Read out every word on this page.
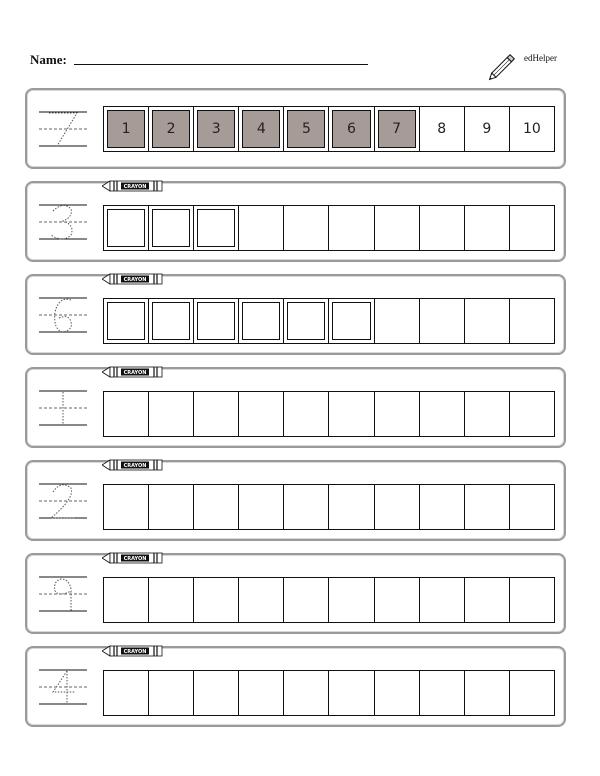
Name:	edHelper
1	2	3	4	5	6	7	8	9 10
CRAYON
CRAYON
CRAYON
CRAYON
CRAYON
CRAYON
